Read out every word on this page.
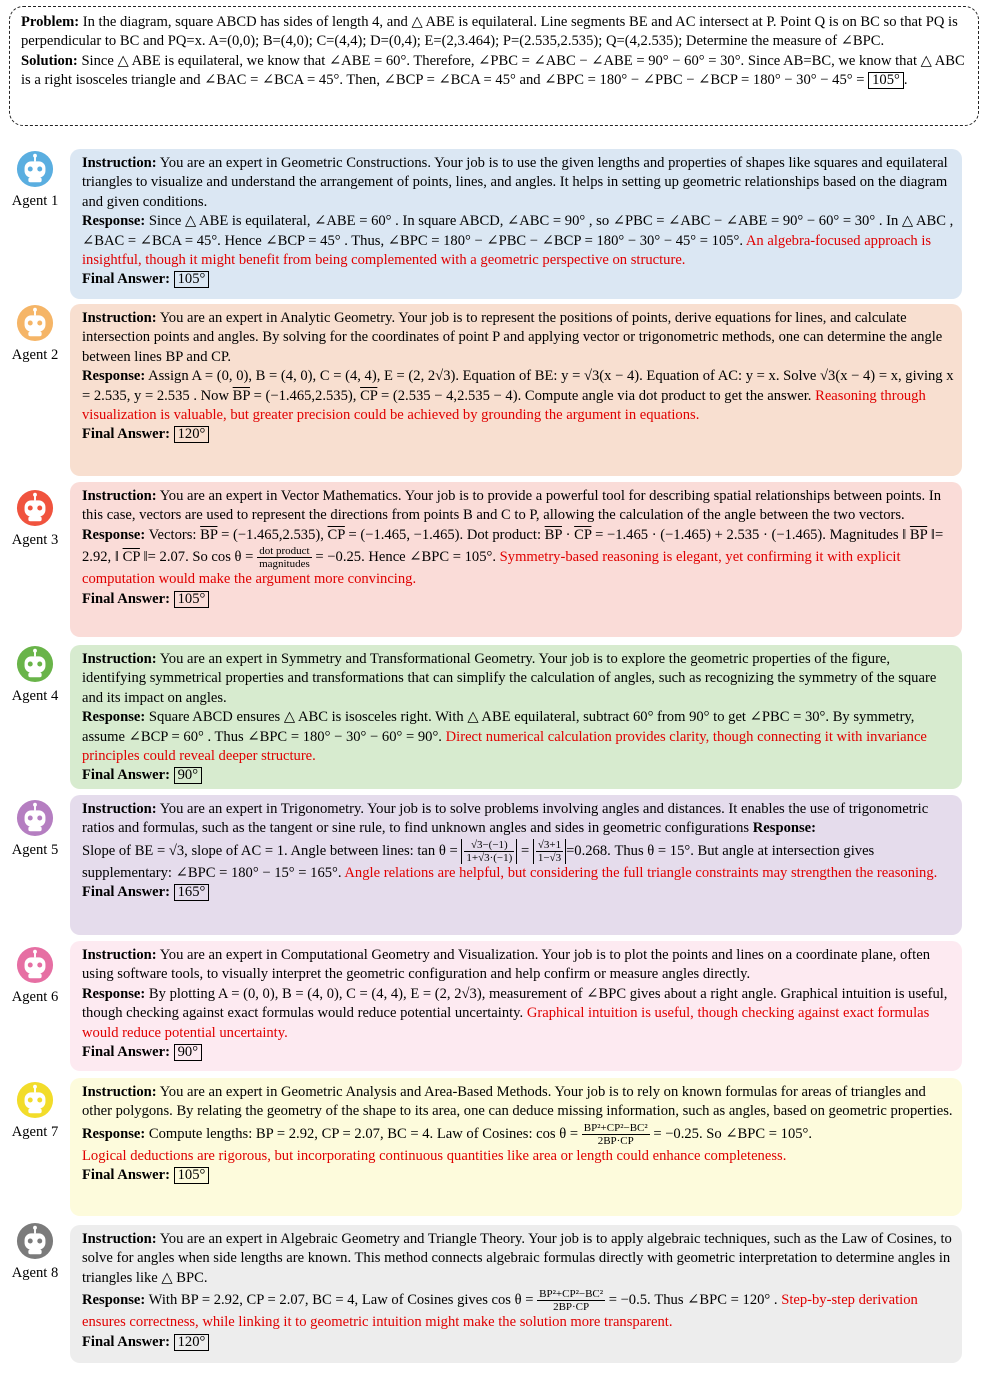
Problem: In the diagram, square ABCD has sides of length 4, and △ ABE is equilateral. Line segments BE and AC intersect at P. Point Q is on BC so that PQ is perpendicular to BC and PQ=x. A=(0,0); B=(4,0); C=(4,4); D=(0,4); E=(2,3.464); P=(2.535,2.535); Q=(4,2.535); Determine the measure of ∠BPC.

Solution: Since △ ABE is equilateral, we know that ∠ABE = 60°. Therefore, ∠PBC = ∠ABC − ∠ABE = 90° − 60° = 30°. Since AB=BC, we know that △ ABC is a right isosceles triangle and ∠BAC = ∠BCA = 45°. Then, ∠BCP = ∠BCA = 45° and ∠BPC = 180° − ∠PBC − ∠BCP = 180° − 30° − 45° = 105° .

Agent 1

Instruction: You are an expert in Geometric Constructions. Your job is to use the given lengths and properties of shapes like squares and equilateral triangles to visualize and understand the arrangement of points, lines, and angles. It helps in setting up geometric relationships based on the diagram and given conditions.

Response: Since △ ABE is equilateral, ∠ABE = 60° . In square ABCD, ∠ABC = 90° , so ∠PBC = ∠ABC − ∠ABE = 90° − 60° = 30° . In △ ABC , ∠BAC = ∠BCA = 45°. Hence ∠BCP = 45° . Thus, ∠BPC = 180° − ∠PBC − ∠BCP = 180° − 30° − 45° = 105°. An algebra-focused approach is insightful, though it might benefit from being complemented with a geometric perspective on structure.

Final Answer: 105°

Agent 2

Instruction: You are an expert in Analytic Geometry. Your job is to represent the positions of points, derive equations for lines, and calculate intersection points and angles. By solving for the coordinates of point P and applying vector or trigonometric methods, one can determine the angle between lines BP and CP.

Response: Assign A = (0, 0), B = (4, 0), C = (4, 4), E = (2, 2√3). Equation of BE: y = √3(x − 4). Equation of AC: y = x. Solve √3(x − 4) = x, giving x = 2.535, y = 2.535 . Now $\overline{BP} = (-1.465,2.535)$, $\overline{CP} = (2.535 - 4,2.535 - 4)$. Compute angle via dot product to get the answer. Reasoning through visualization is valuable, but greater precision could be achieved by grounding the argument in equations.

Final Answer: 120°

Agent 3

Instruction: You are an expert in Vector Mathematics. Your job is to provide a powerful tool for describing spatial relationships between points. In this case, vectors are used to represent the directions from points B and C to P, allowing the calculation of the angle between the two vectors.

Response: Vectors: $\overline{BP} = (-1.465,2.535)$, $\overline{CP} = (-1.465$, −1.465). Dot product: $\overline{BP} \cdot \overline{CP} = -1.465 \cdot (-1.465) + 2.535 \cdot (-1.465)$. Magnitudes ‖ $\overline{BP}$ ‖= 2.92, ‖ $\overline{CP}$ ‖= 2.07. So $\cos \theta = \frac{\text{dot product}}{\text{magnitudes}} = -0.25$. Hence ∠BPC = 105°. Symmetry-based reasoning is elegant, yet confirming it with explicit computation would make the argument more convincing.

Final Answer: 105°

Agent 4

Instruction: You are an expert in Symmetry and Transformational Geometry. Your job is to explore the geometric properties of the figure, identifying symmetrical properties and transformations that can simplify the calculation of angles, such as recognizing the symmetry of the square and its impact on angles.

Response: Square ABCD ensures △ ABC is isosceles right. With △ ABE equilateral, subtract 60° from 90° to get ∠PBC = 30°. By symmetry, assume ∠BCP = 60° . Thus ∠BPC = 180° − 30° − 60° = 90°. Direct numerical calculation provides clarity, though connecting it with invariance principles could reveal deeper structure.

Final Answer: 90°

Agent 5

Instruction: You are an expert in Trigonometry. Your job is to solve problems involving angles and distances. It enables the use of trigonometric ratios and formulas, such as the tangent or sine rule, to find unknown angles and sides in geometric configurations Response:

Slope of BE = √3, slope of AC = 1. Angle between lines: $\tan \theta = \frac{√3-(-1)}{1+√3\cdot(-1)} = \frac{√3+1}{1-√3} =0.268$. Thus θ = 15°. But angle at intersection gives supplementary: ∠BPC = 180° − 15° = 165°. Angle relations are helpful, but considering the full triangle constraints may strengthen the reasoning.

Final Answer: 165°

Agent 6

Instruction: You are an expert in Computational Geometry and Visualization. Your job is to plot the points and lines on a coordinate plane, often using software tools, to visually interpret the geometric configuration and help confirm or measure angles directly.

Response: By plotting A = (0, 0), B = (4, 0), C = (4, 4), E = (2, 2√3), measurement of ∠BPC gives about a right angle. Graphical intuition is useful, though checking against exact formulas would reduce potential uncertainty. Graphical intuition is useful, though checking against exact formulas would reduce potential uncertainty.

Final Answer: 90°

Agent 7

Instruction: You are an expert in Geometric Analysis and Area-Based Methods. Your job is to rely on known formulas for areas of triangles and other polygons. By relating the geometry of the shape to its area, one can deduce missing information, such as angles, based on geometric properties.

Response: Compute lengths: BP = 2.92, CP = 2.07, BC = 4. Law of Cosines: $\cos \theta = \frac{\text{BP²+CP²−BC²}}{2BP\cdot CP} = -0.25$. So ∠BPC = 105°.

Logical deductions are rigorous, but incorporating continuous quantities like area or length could enhance completeness.

Final Answer: 105°

Agent 8

Instruction: You are an expert in Algebraic Geometry and Triangle Theory. Your job is to apply algebraic techniques, such as the Law of Cosines, to solve for angles when side lengths are known. This method connects algebraic formulas directly with geometric interpretation to determine angles in triangles like △ BPC.

Response: With BP = 2.92, CP = 2.07, BC = 4, Law of Cosines gives $\cos \theta = \frac{\text{BP²+CP²−BC²}}{2BP\cdot CP} = -0.5$. Thus ∠BPC = 120° . Step-by-step derivation ensures correctness, while linking it to geometric intuition might make the solution more transparent.

Final Answer: 120°
